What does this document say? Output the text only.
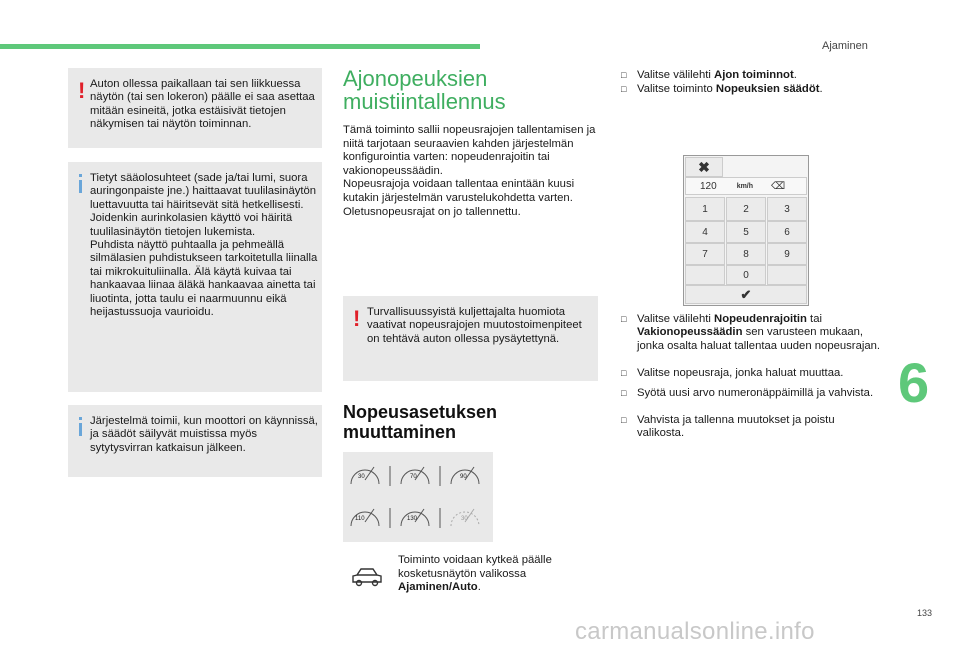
Ajaminen
6
133
carmanualsonline.info
! Auton ollessa paikallaan tai sen liikkuessa näytön (tai sen lokeron) päälle ei saa asettaa mitään esineitä, jotka estäisivät tietojen näkymisen tai näytön toiminnan.
Tietyt sääolosuhteet (sade ja/tai lumi, suora auringonpaiste jne.) haittaavat tuulilasinäytön luettavuutta tai häiritsevät sitä hetkellisesti.
Joidenkin aurinkolasien käyttö voi häiritä tuulilasinäytön tietojen lukemista.
Puhdista näyttö puhtaalla ja pehmeällä silmälasien puhdistukseen tarkoitetulla liinalla tai mikrokuituliinalla. Älä käytä kuivaa tai hankaavaa liinaa äläkä hankaavaa ainetta tai liuotinta, jotta taulu ei naarmuunnu eikä heijastussuoja vaurioidu.
Järjestelmä toimii, kun moottori on käynnissä, ja säädöt säilyvät muistissa myös sytytysvirran katkaisun jälkeen.
Ajonopeuksien muistiintallennus
Tämä toiminto sallii nopeusrajojen tallentamisen ja niitä tarjotaan seuraavien kahden järjestelmän konfigurointia varten: nopeudenrajoitin tai vakionopeussäädin.
Nopeusrajoja voidaan tallentaa enintään kuusi kutakin järjestelmän varustelukohdetta varten.
Oletusnopeusrajat on jo tallennettu.
! Turvallisuussyistä kuljettajalta huomiota vaativat nopeusrajojen muutostoimenpiteet on tehtävä auton ollessa pysäytettynä.
Nopeusasetuksen muuttaminen
30	70	90
110	130	30
Toiminto voidaan kytkeä päälle kosketusnäytön valikossa Ajaminen/Auto.
□ Valitse välilehti Ajon toiminnot.
□ Valitse toiminto Nopeuksien säädöt.
✖
120	km/h ⌫
1	2	3
4	5	6
7	8	9
0
✔
□ Valitse välilehti Nopeudenrajoitin tai Vakionopeussäädin sen varusteen mukaan, jonka osalta haluat tallentaa uuden nopeusrajan.
□ Valitse nopeusraja, jonka haluat muuttaa.
□ Syötä uusi arvo numeronäppäimillä ja vahvista.
□ Vahvista ja tallenna muutokset ja poistu valikosta.
